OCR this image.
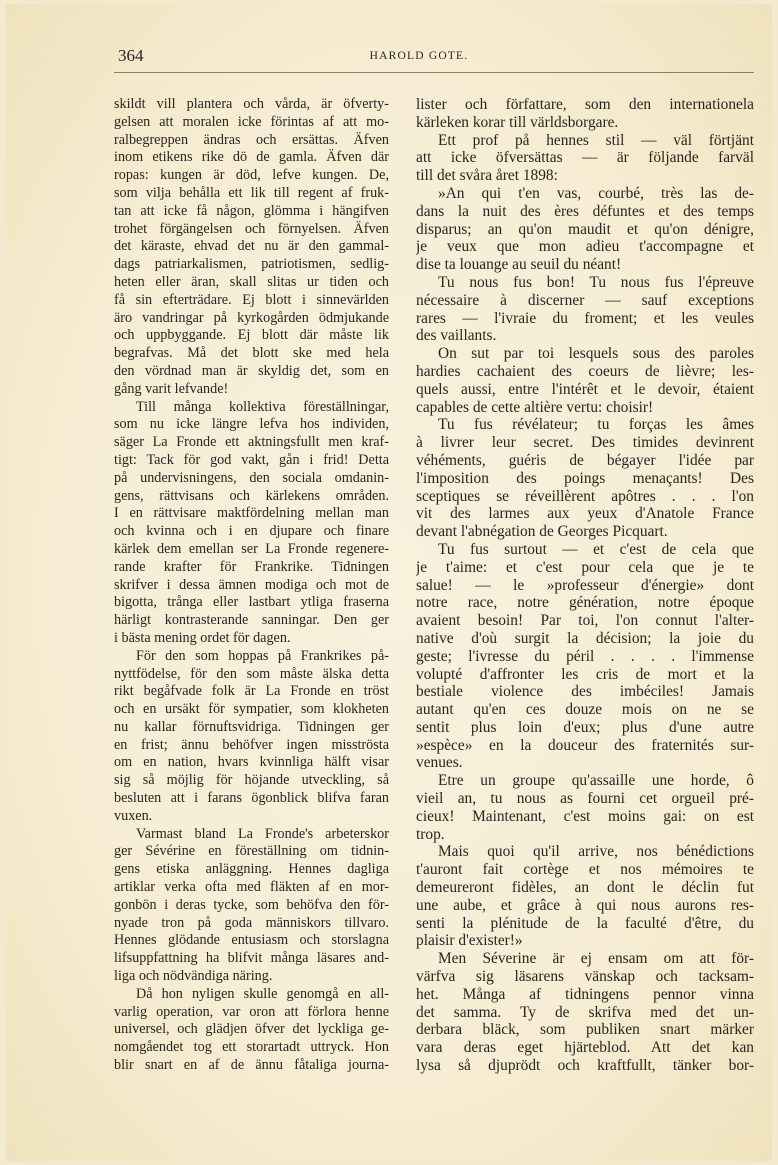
364	HAROLD GOTE.
skildt vill plantera och vårda, är öfverty-
gelsen att moralen icke förintas af att mo-
ralbegreppen ändras och ersättas. Äfven
inom etikens rike dö de gamla. Äfven där
ropas: kungen är död, lefve kungen. De,
som vilja behålla ett lik till regent af fruk-
tan att icke få någon, glömma i hängifven
trohet förgängelsen och förnyelsen. Äfven
det käraste, ehvad det nu är den gammal-
dags patriarkalismen, patriotismen, sedlig-
heten eller äran, skall slitas ur tiden och
få sin efterträdare. Ej blott i sinnevärlden
äro vandringar på kyrkogården ödmjukande
och uppbyggande. Ej blott där måste lik
begrafvas. Må det blott ske med hela
den vördnad man är skyldig det, som en
gång varit lefvande!
Till många kollektiva föreställningar,
som nu icke längre lefva hos individen,
säger La Fronde ett aktningsfullt men kraf-
tigt: Tack för god vakt, gån i frid! Detta
på undervisningens, den sociala omdanin-
gens, rättvisans och kärlekens områden.
I en rättvisare maktfördelning mellan man
och kvinna och i en djupare och finare
kärlek dem emellan ser La Fronde regenere-
rande krafter för Frankrike. Tidningen
skrifver i dessa ämnen modiga och mot de
bigotta, trånga eller lastbart ytliga fraserna
härligt kontrasterande sanningar. Den ger
i bästa mening ordet för dagen.
För den som hoppas på Frankrikes på-
nyttfödelse, för den som måste älska detta
rikt begåfvade folk är La Fronde en tröst
och en ursäkt för sympatier, som klokheten
nu kallar förnuftsvidriga. Tidningen ger
en frist; ännu behöfver ingen misströsta
om en nation, hvars kvinnliga hälft visar
sig så möjlig för höjande utveckling, så
besluten att i farans ögonblick blifva faran
vuxen.
Varmast bland La Fronde's arbeterskor
ger Sévérine en föreställning om tidnin-
gens etiska anläggning. Hennes dagliga
artiklar verka ofta med fläkten af en mor-
gonbön i deras tycke, som behöfva den för-
nyade tron på goda människors tillvaro.
Hennes glödande entusiasm och storslagna
lifsuppfattning ha blifvit många läsares and-
liga och nödvändiga näring.
Då hon nyligen skulle genomgå en all-
varlig operation, var oron att förlora henne
universel, och glädjen öfver det lyckliga ge-
nomgåendet tog ett storartadt uttryck. Hon
blir snart en af de ännu fåtaliga journa-
lister och författare, som den internationela
kärleken korar till världsborgare.
Ett prof på hennes stil — väl förtjänt
att icke öfversättas — är följande farväl
till det svåra året 1898:
»An qui t'en vas, courbé, très las de-
dans la nuit des ères défuntes et des temps
disparus; an qu'on maudit et qu'on dénigre,
je veux que mon adieu t'accompagne et
dise ta louange au seuil du néant!
Tu nous fus bon! Tu nous fus l'épreuve
nécessaire à discerner — sauf exceptions
rares — l'ivraie du froment; et les veules
des vaillants.
On sut par toi lesquels sous des paroles
hardies cachaient des coeurs de lièvre; les-
quels aussi, entre l'intérêt et le devoir, étaient
capables de cette altière vertu: choisir!
Tu fus révélateur; tu forças les âmes
à livrer leur secret. Des timides devinrent
véhéments, guéris de bégayer l'idée par
l'imposition des poings menaçants! Des
sceptiques se réveillèrent apôtres . . . l'on
vit des larmes aux yeux d'Anatole France
devant l'abnégation de Georges Picquart.
Tu fus surtout — et c'est de cela que
je t'aime: et c'est pour cela que je te
salue! — le »professeur d'énergie» dont
notre race, notre génération, notre époque
avaient besoin! Par toi, l'on connut l'alter-
native d'où surgit la décision; la joie du
geste; l'ivresse du péril . . . . l'immense
volupté d'affronter les cris de mort et la
bestiale violence des imbéciles! Jamais
autant qu'en ces douze mois on ne se
sentit plus loin d'eux; plus d'une autre
»espèce» en la douceur des fraternités sur-
venues.
Etre un groupe qu'assaille une horde, ô
vieil an, tu nous as fourni cet orgueil pré-
cieux! Maintenant, c'est moins gai: on est
trop.
Mais quoi qu'il arrive, nos bénédictions
t'auront fait cortège et nos mémoires te
demeureront fidèles, an dont le déclin fut
une aube, et grâce à qui nous aurons res-
senti la plénitude de la faculté d'être, du
plaisir d'exister!»
Men Séverine är ej ensam om att för-
värfva sig läsarens vänskap och tacksam-
het. Många af tidningens pennor vinna
det samma. Ty de skrifva med det un-
derbara bläck, som publiken snart märker
vara deras eget hjärteblod. Att det kan
lysa så djuprödt och kraftfullt, tänker bor-
